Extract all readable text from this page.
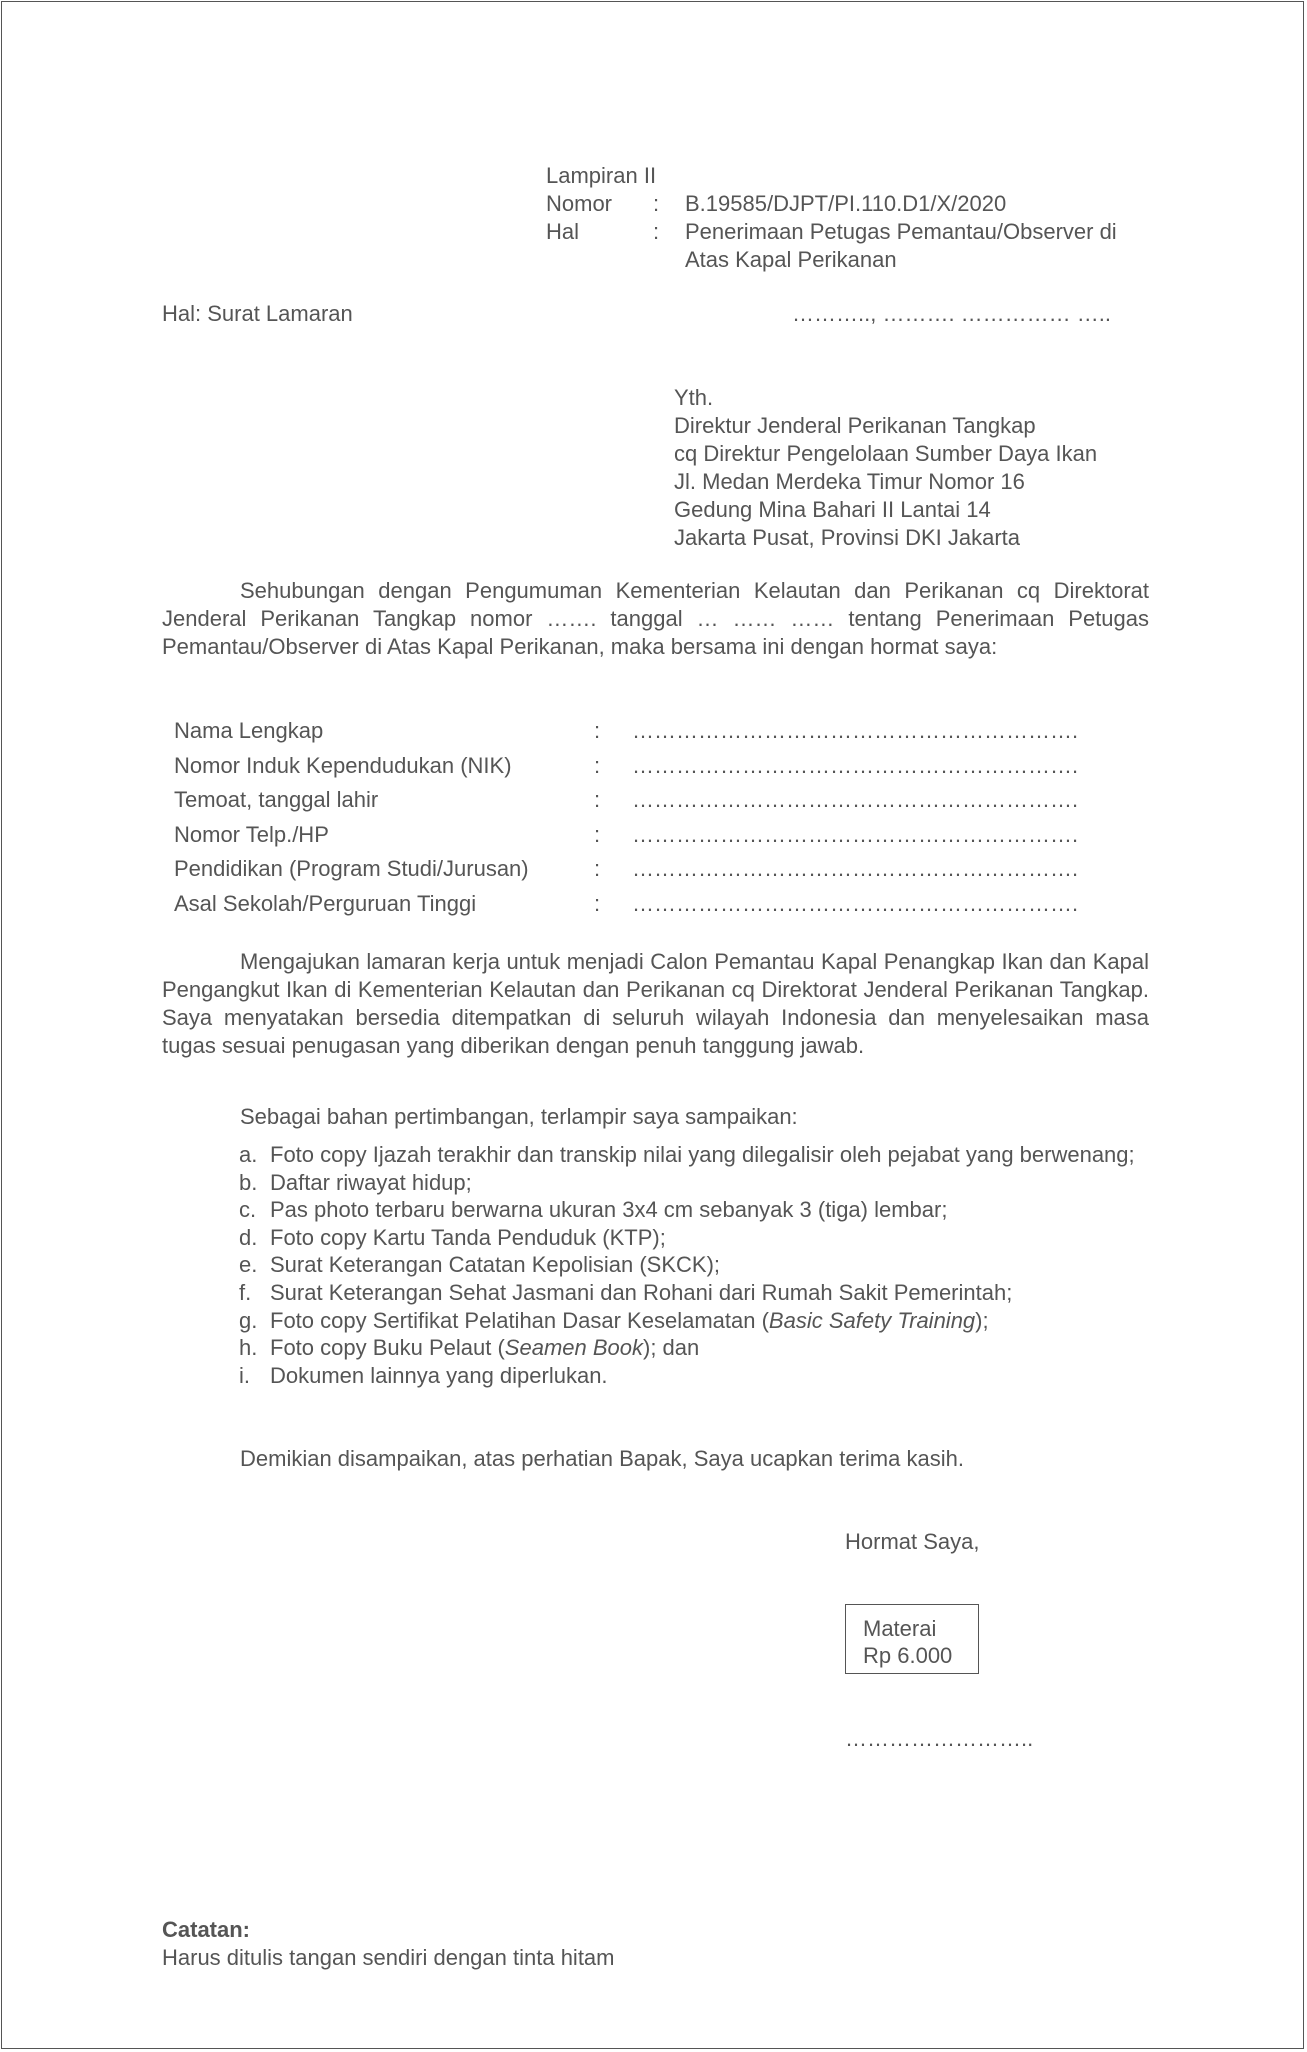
Lampiran II
Nomor	:	B.19585/DJPT/PI.110.D1/X/2020
Hal	:	Penerimaan Petugas Pemantau/Observer di Atas Kapal Perikanan
Hal: Surat Lamaran	……….., ………. …………… …..
Yth.
Direktur Jenderal Perikanan Tangkap
cq Direktur Pengelolaan Sumber Daya Ikan
Jl. Medan Merdeka Timur Nomor 16
Gedung Mina Bahari II Lantai 14
Jakarta Pusat, Provinsi DKI Jakarta
Sehubungan dengan Pengumuman Kementerian Kelautan dan Perikanan cq Direktorat Jenderal Perikanan Tangkap nomor ……. tanggal … …… …… tentang Penerimaan Petugas Pemantau/Observer di Atas Kapal Perikanan, maka bersama ini dengan hormat saya:
Nama Lengkap	:	…………………………………………………….
Nomor Induk Kependudukan (NIK)	:	…………………………………………………….
Temoat, tanggal lahir	:	…………………………………………………….
Nomor Telp./HP	:	…………………………………………………….
Pendidikan (Program Studi/Jurusan)	:	…………………………………………………….
Asal Sekolah/Perguruan Tinggi	:	…………………………………………………….
Mengajukan lamaran kerja untuk menjadi Calon Pemantau Kapal Penangkap Ikan dan Kapal Pengangkut Ikan di Kementerian Kelautan dan Perikanan cq Direktorat Jenderal Perikanan Tangkap. Saya menyatakan bersedia ditempatkan di seluruh wilayah Indonesia dan menyelesaikan masa tugas sesuai penugasan yang diberikan dengan penuh tanggung jawab.
Sebagai bahan pertimbangan, terlampir saya sampaikan:
a. Foto copy Ijazah terakhir dan transkip nilai yang dilegalisir oleh pejabat yang berwenang;
b. Daftar riwayat hidup;
c. Pas photo terbaru berwarna ukuran 3x4 cm sebanyak 3 (tiga) lembar;
d. Foto copy Kartu Tanda Penduduk (KTP);
e. Surat Keterangan Catatan Kepolisian (SKCK);
f. Surat Keterangan Sehat Jasmani dan Rohani dari Rumah Sakit Pemerintah;
g. Foto copy Sertifikat Pelatihan Dasar Keselamatan (Basic Safety Training);
h. Foto copy Buku Pelaut (Seamen Book); dan
i. Dokumen lainnya yang diperlukan.
Demikian disampaikan, atas perhatian Bapak, Saya ucapkan terima kasih.
Hormat Saya,
Materai
Rp 6.000
……………………..
Catatan:
Harus ditulis tangan sendiri dengan tinta hitam
